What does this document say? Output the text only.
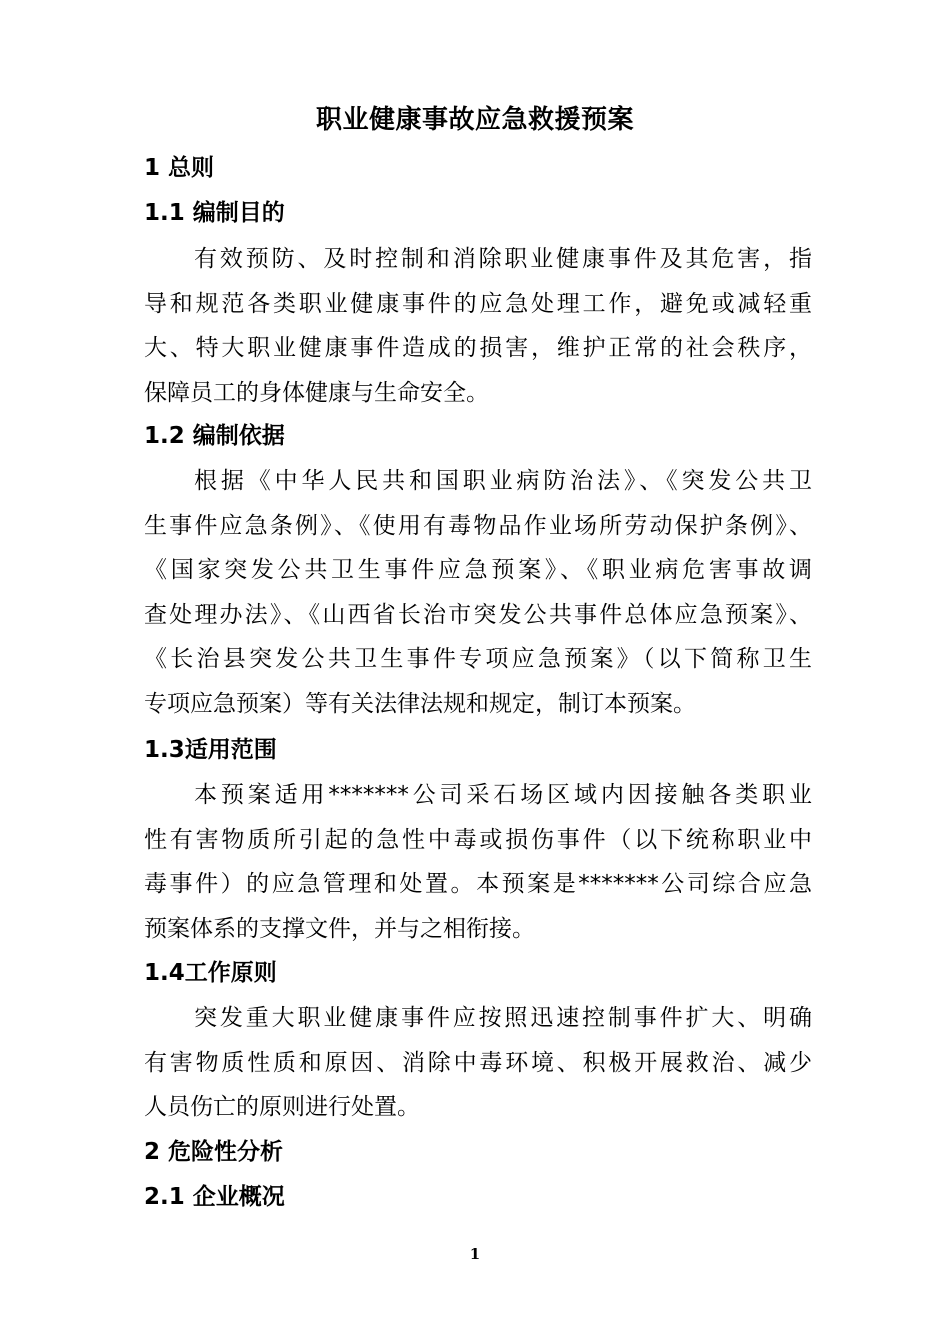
职业健康事故应急救援预案
1 总则
1.1 编制目的
有效预防、及时控制和消除职业健康事件及其危害，指
导和规范各类职业健康事件的应急处理工作，避免或减轻重
大、特大职业健康事件造成的损害，维护正常的社会秩序，
保障员工的身体健康与生命安全。
1.2 编制依据
根据《中华人民共和国职业病防治法》、《突发公共卫
生事件应急条例》、《使用有毒物品作业场所劳动保护条例》、
《国家突发公共卫生事件应急预案》、《职业病危害事故调
查处理办法》、《山西省长治市突发公共事件总体应急预案》、
《长治县突发公共卫生事件专项应急预案》（以下简称卫生
专项应急预案）等有关法律法规和规定，制订本预案。
1.3适用范围
本预案适用*******公司采石场区域内因接触各类职业
性有害物质所引起的急性中毒或损伤事件（以下统称职业中
毒事件）的应急管理和处置。本预案是*******公司综合应急
预案体系的支撑文件，并与之相衔接。
1.4工作原则
突发重大职业健康事件应按照迅速控制事件扩大、明确
有害物质性质和原因、消除中毒环境、积极开展救治、减少
人员伤亡的原则进行处置。
2 危险性分析
2.1 企业概况
1
